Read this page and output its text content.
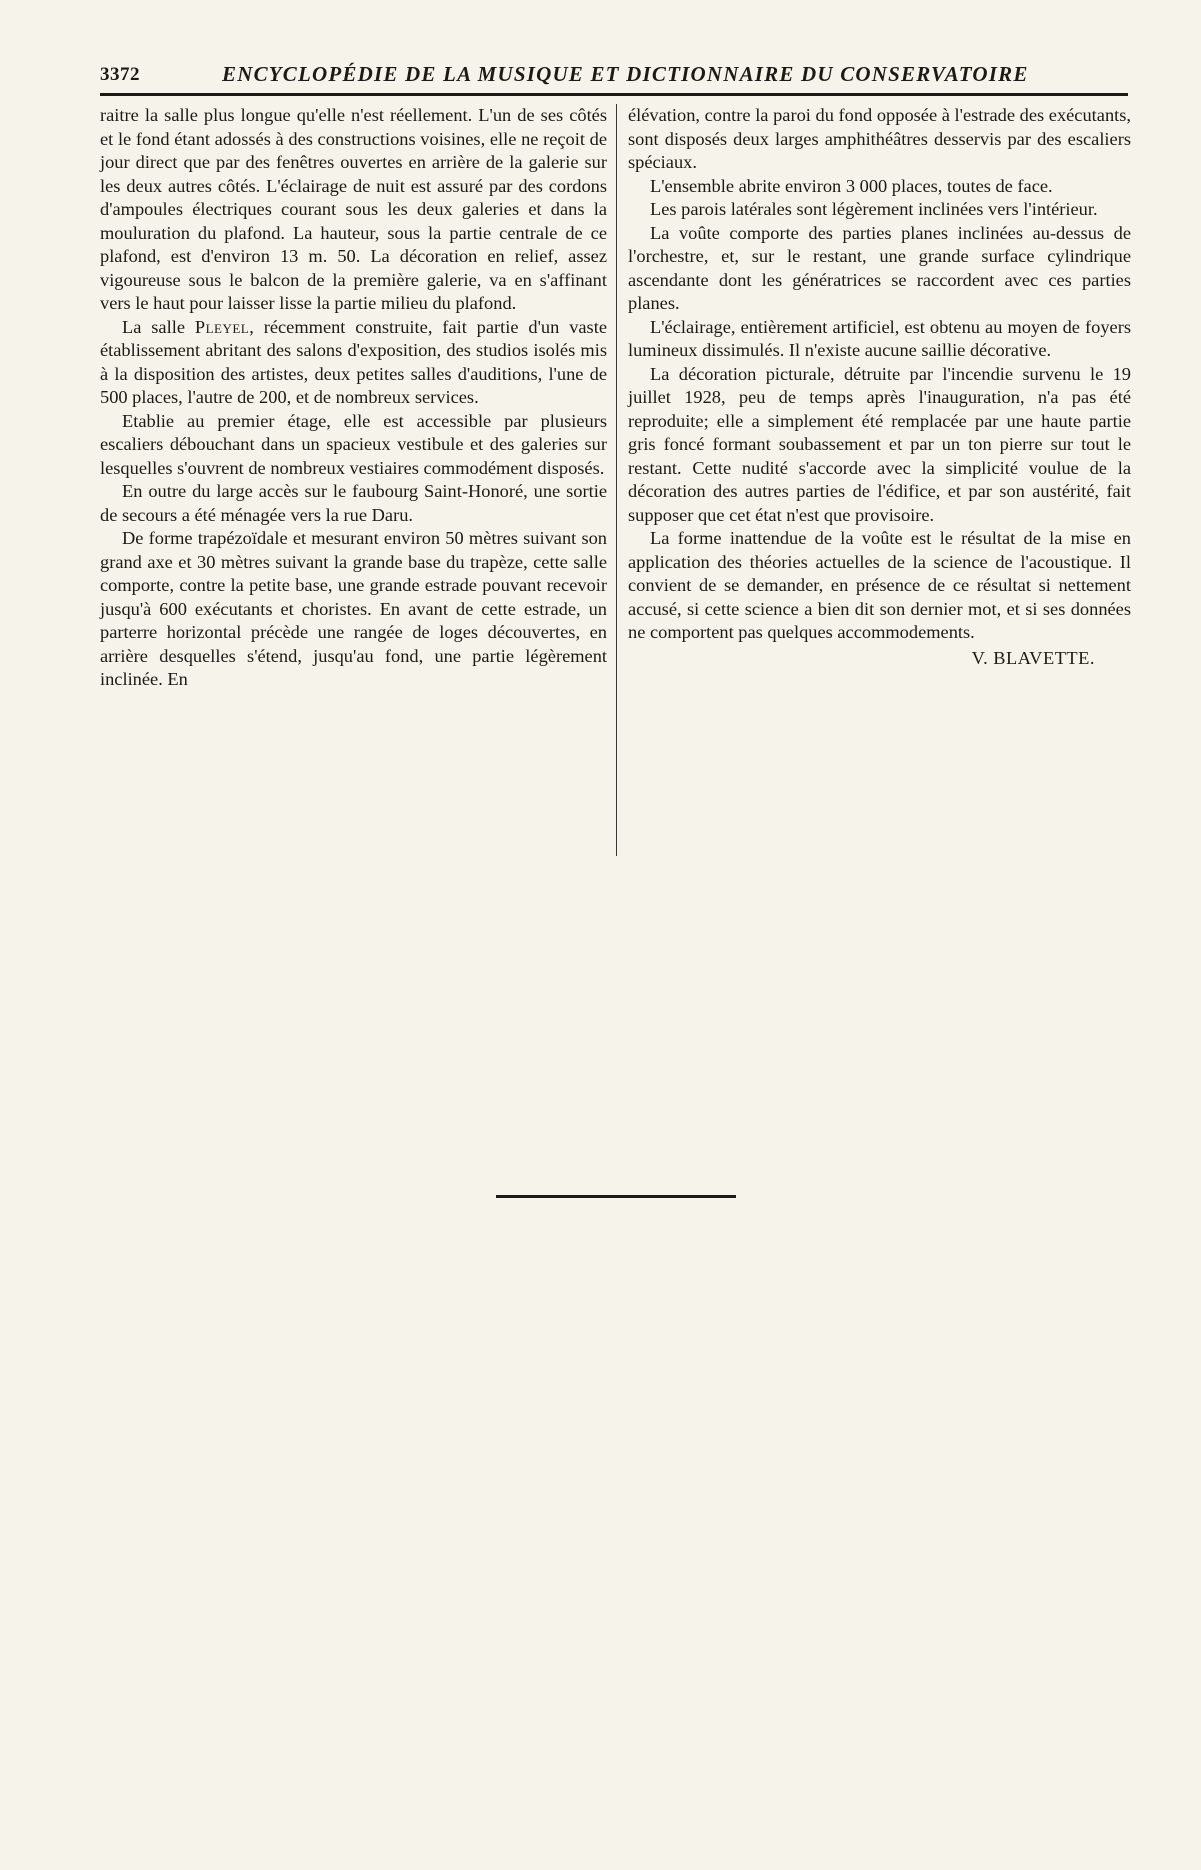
3372	ENCYCLOPÉDIE DE LA MUSIQUE ET DICTIONNAIRE DU CONSERVATOIRE

raitre la salle plus longue qu'elle n'est réellement. L'un de ses côtés et le fond étant adossés à des constructions voisines, elle ne reçoit de jour direct que par des fenêtres ouvertes en arrière de la galerie sur les deux autres côtés. L'éclairage de nuit est assuré par des cordons d'ampoules électriques courant sous les deux galeries et dans la mouluration du plafond. La hauteur, sous la partie centrale de ce plafond, est d'environ 13 m. 50. La décoration en relief, assez vigoureuse sous le balcon de la première galerie, va en s'affinant vers le haut pour laisser lisse la partie milieu du plafond.

La salle Pleyel, récemment construite, fait partie d'un vaste établissement abritant des salons d'exposition, des studios isolés mis à la disposition des artistes, deux petites salles d'auditions, l'une de 500 places, l'autre de 200, et de nombreux services.

Etablie au premier étage, elle est accessible par plusieurs escaliers débouchant dans un spacieux vestibule et des galeries sur lesquelles s'ouvrent de nombreux vestiaires commodément disposés.

En outre du large accès sur le faubourg Saint-Honoré, une sortie de secours a été ménagée vers la rue Daru.

De forme trapézoïdale et mesurant environ 50 mètres suivant son grand axe et 30 mètres suivant la grande base du trapèze, cette salle comporte, contre la petite base, une grande estrade pouvant recevoir jusqu'à 600 exécutants et choristes. En avant de cette estrade, un parterre horizontal précède une rangée de loges découvertes, en arrière desquelles s'étend, jusqu'au fond, une partie légèrement inclinée. En

élévation, contre la paroi du fond opposée à l'estrade des exécutants, sont disposés deux larges amphithéâtres desservis par des escaliers spéciaux.

L'ensemble abrite environ 3 000 places, toutes de face.

Les parois latérales sont légèrement inclinées vers l'intérieur.

La voûte comporte des parties planes inclinées au-dessus de l'orchestre, et, sur le restant, une grande surface cylindrique ascendante dont les génératrices se raccordent avec ces parties planes.

L'éclairage, entièrement artificiel, est obtenu au moyen de foyers lumineux dissimulés. Il n'existe aucune saillie décorative.

La décoration picturale, détruite par l'incendie survenu le 19 juillet 1928, peu de temps après l'inauguration, n'a pas été reproduite; elle a simplement été remplacée par une haute partie gris foncé formant soubassement et par un ton pierre sur tout le restant. Cette nudité s'accorde avec la simplicité voulue de la décoration des autres parties de l'édifice, et par son austérité, fait supposer que cet état n'est que provisoire.

La forme inattendue de la voûte est le résultat de la mise en application des théories actuelles de la science de l'acoustique. Il convient de se demander, en présence de ce résultat si nettement accusé, si cette science a bien dit son dernier mot, et si ses données ne comportent pas quelques accommodements.

V. BLAVETTE.
